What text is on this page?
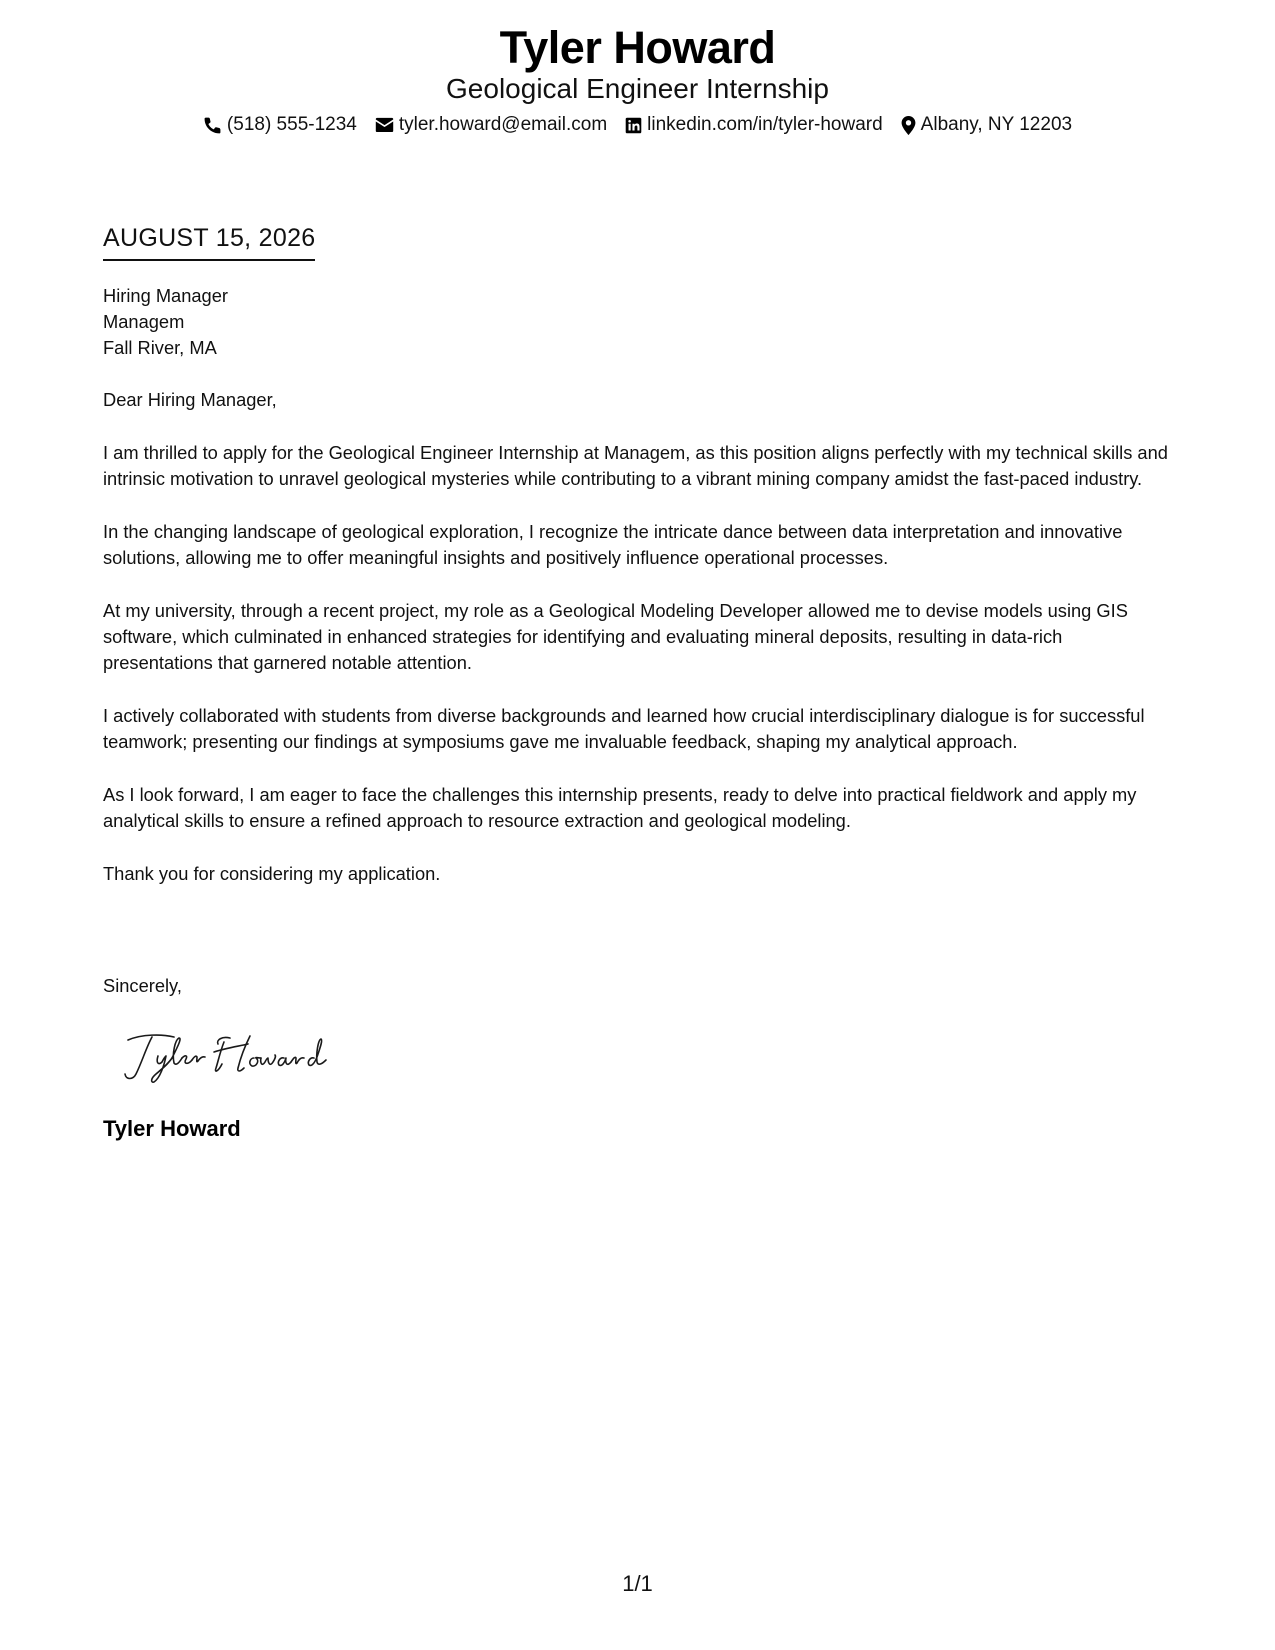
Tyler Howard
Geological Engineer Internship
(518) 555-1234 tyler.howard@email.com linkedin.com/in/tyler-howard Albany, NY 12203
AUGUST 15, 2026
Hiring Manager
Managem
Fall River, MA

Dear Hiring Manager,

I am thrilled to apply for the Geological Engineer Internship at Managem, as this position aligns perfectly with my technical skills and intrinsic motivation to unravel geological mysteries while contributing to a vibrant mining company amidst the fast-paced industry.

In the changing landscape of geological exploration, I recognize the intricate dance between data interpretation and innovative solutions, allowing me to offer meaningful insights and positively influence operational processes.

At my university, through a recent project, my role as a Geological Modeling Developer allowed me to devise models using GIS software, which culminated in enhanced strategies for identifying and evaluating mineral deposits, resulting in data-rich presentations that garnered notable attention.

I actively collaborated with students from diverse backgrounds and learned how crucial interdisciplinary dialogue is for successful teamwork; presenting our findings at symposiums gave me invaluable feedback, shaping my analytical approach.

As I look forward, I am eager to face the challenges this internship presents, ready to delve into practical fieldwork and apply my analytical skills to ensure a refined approach to resource extraction and geological modeling.

Thank you for considering my application.

Sincerely,
Tyler Howard
1/1
